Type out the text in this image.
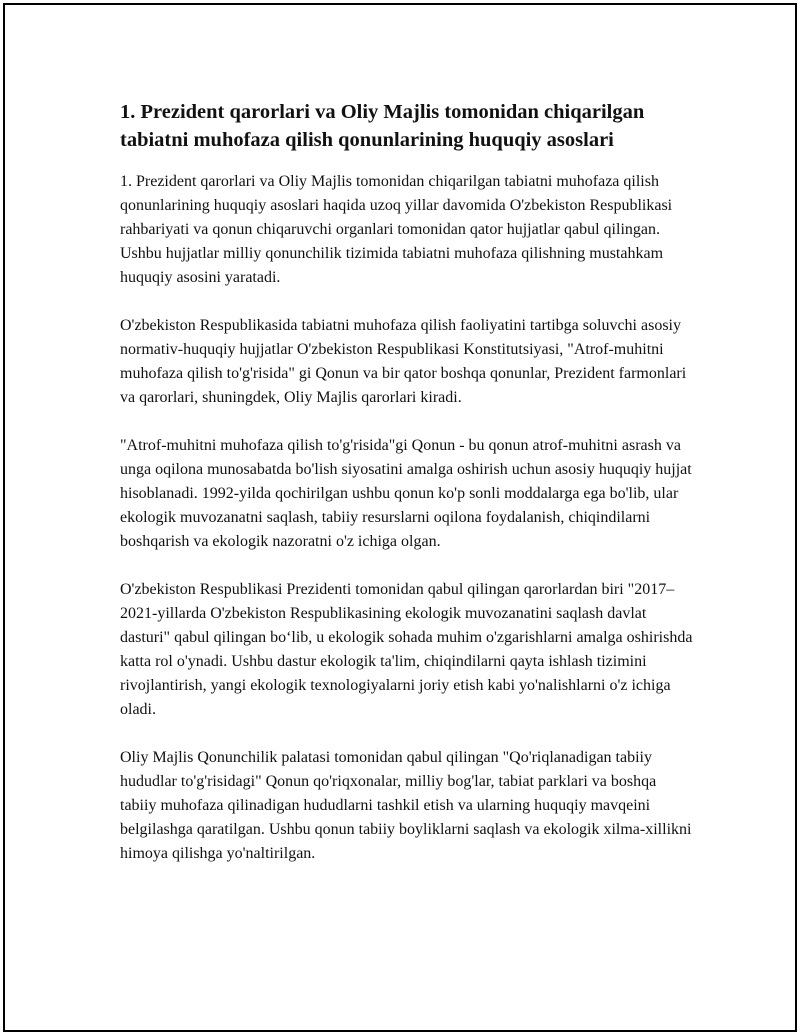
1. Prezident qarorlari va Oliy Majlis tomonidan chiqarilgan tabiatni muhofaza qilish qonunlarining huquqiy asoslari

1. Prezident qarorlari va Oliy Majlis tomonidan chiqarilgan tabiatni muhofaza qilish qonunlarining huquqiy asoslari haqida uzoq yillar davomida O'zbekiston Respublikasi rahbariyati va qonun chiqaruvchi organlari tomonidan qator hujjatlar qabul qilingan. Ushbu hujjatlar milliy qonunchilik tizimida tabiatni muhofaza qilishning mustahkam huquqiy asosini yaratadi.

O'zbekiston Respublikasida tabiatni muhofaza qilish faoliyatini tartibga soluvchi asosiy normativ-huquqiy hujjatlar O'zbekiston Respublikasi Konstitutsiyasi, "Atrof-muhitni muhofaza qilish to'g'risida" gi Qonun va bir qator boshqa qonunlar, Prezident farmonlari va qarorlari, shuningdek, Oliy Majlis qarorlari kiradi.

"Atrof-muhitni muhofaza qilish to'g'risida"gi Qonun - bu qonun atrof-muhitni asrash va unga oqilona munosabatda bo'lish siyosatini amalga oshirish uchun asosiy huquqiy hujjat hisoblanadi. 1992-yilda qochirilgan ushbu qonun ko'p sonli moddalarga ega bo'lib, ular ekologik muvozanatni saqlash, tabiiy resurslarni oqilona foydalanish, chiqindilarni boshqarish va ekologik nazoratni o'z ichiga olgan.

O'zbekiston Respublikasi Prezidenti tomonidan qabul qilingan qarorlardan biri "2017–2021-yillarda O'zbekiston Respublikasining ekologik muvozanatini saqlash davlat dasturi" qabul qilingan bo‘lib, u ekologik sohada muhim o'zgarishlarni amalga oshirishda katta rol o'ynadi. Ushbu dastur ekologik ta'lim, chiqindilarni qayta ishlash tizimini rivojlantirish, yangi ekologik texnologiyalarni joriy etish kabi yo'nalishlarni o'z ichiga oladi.

Oliy Majlis Qonunchilik palatasi tomonidan qabul qilingan "Qo'riqlanadigan tabiiy hududlar to'g'risidagi" Qonun qo'riqxonalar, milliy bog'lar, tabiat parklari va boshqa tabiiy muhofaza qilinadigan hududlarni tashkil etish va ularning huquqiy mavqeini belgilashga qaratilgan. Ushbu qonun tabiiy boyliklarni saqlash va ekologik xilma-xillikni himoya qilishga yo'naltirilgan.
